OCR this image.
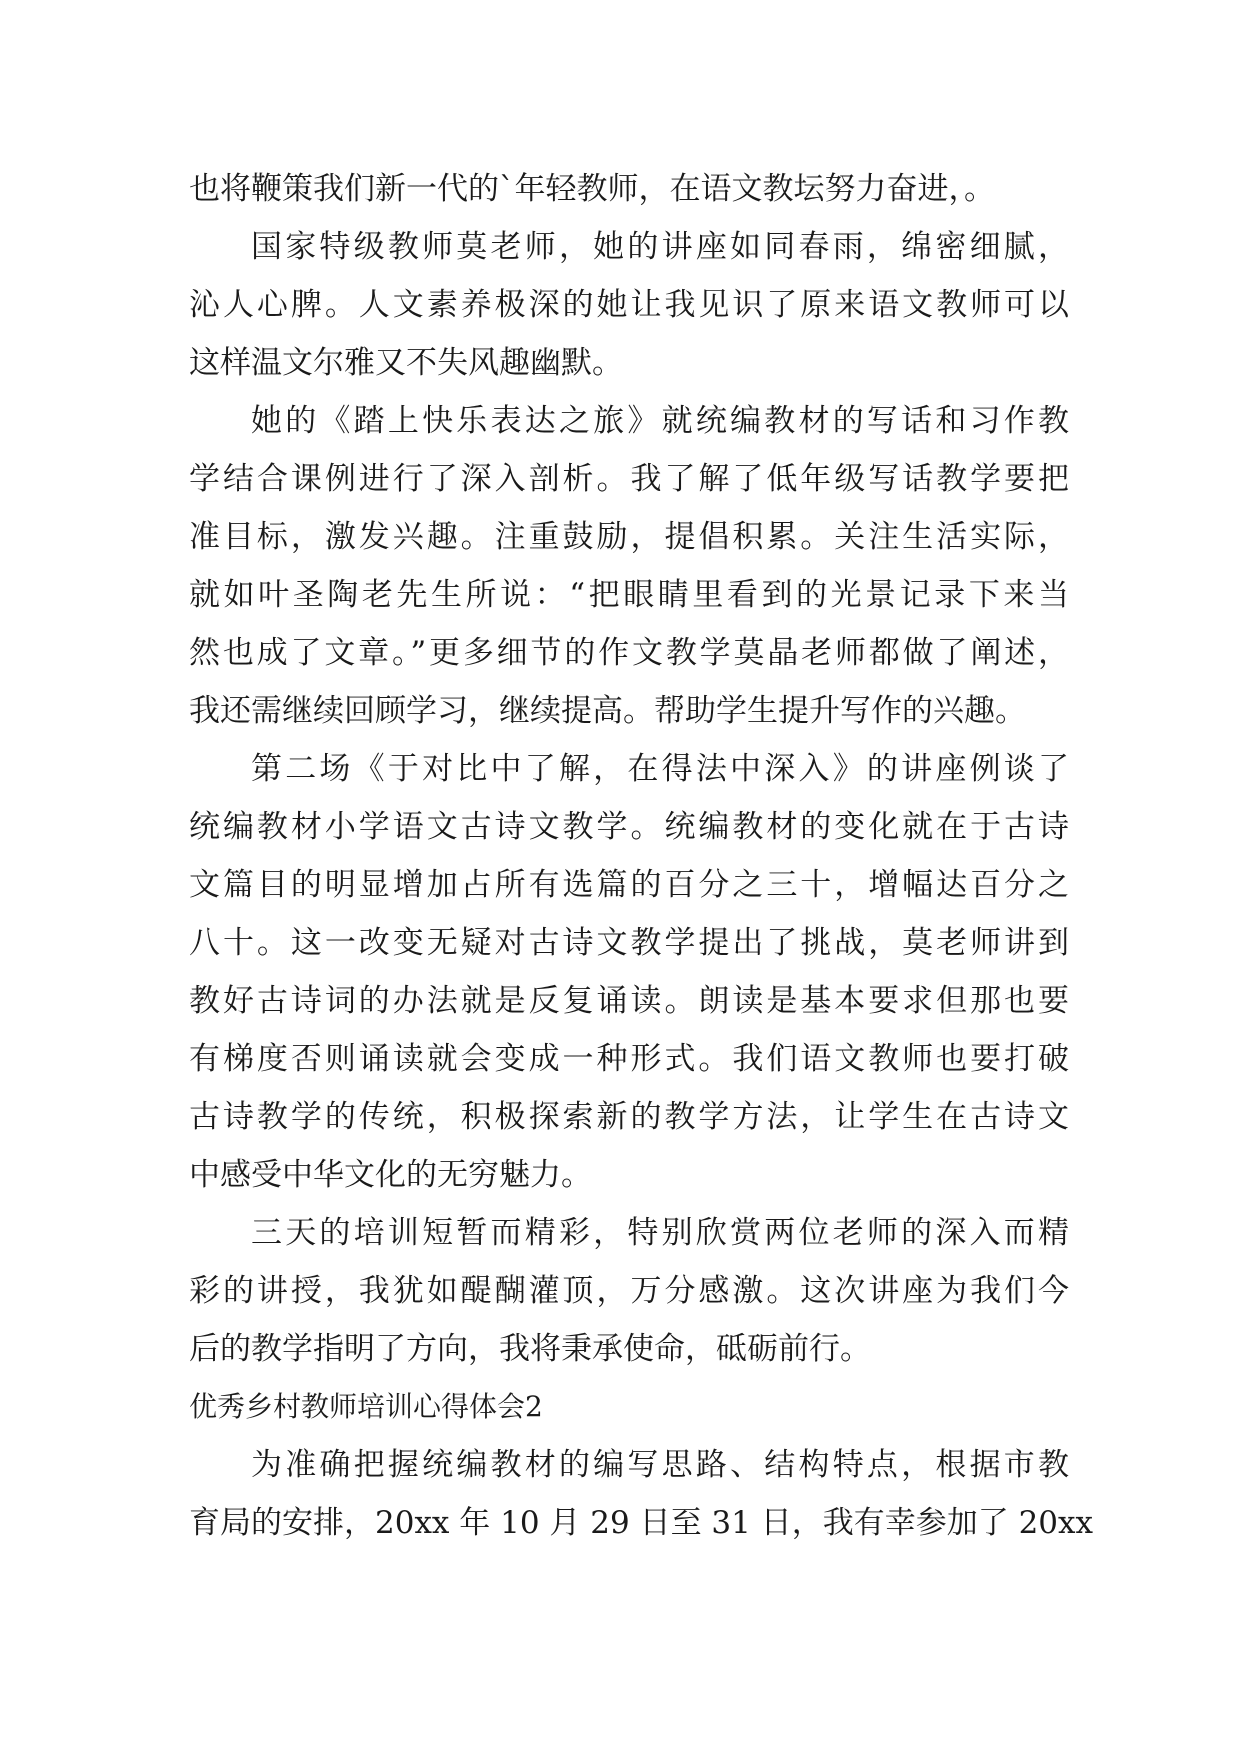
也将鞭策我们新一代的`年轻教师，在语文教坛努力奋进，。
国家特级教师莫老师，她的讲座如同春雨，绵密细腻，
沁人心脾。人文素养极深的她让我见识了原来语文教师可以
这样温文尔雅又不失风趣幽默。
她的《踏上快乐表达之旅》就统编教材的写话和习作教
学结合课例进行了深入剖析。我了解了低年级写话教学要把
准目标，激发兴趣。注重鼓励，提倡积累。关注生活实际，
就如叶圣陶老先生所说：“把眼睛里看到的光景记录下来当
然也成了文章。”更多细节的作文教学莫晶老师都做了阐述，
我还需继续回顾学习，继续提高。帮助学生提升写作的兴趣。
第二场《于对比中了解，在得法中深入》的讲座例谈了
统编教材小学语文古诗文教学。统编教材的变化就在于古诗
文篇目的明显增加占所有选篇的百分之三十，增幅达百分之
八十。这一改变无疑对古诗文教学提出了挑战，莫老师讲到
教好古诗词的办法就是反复诵读。朗读是基本要求但那也要
有梯度否则诵读就会变成一种形式。我们语文教师也要打破
古诗教学的传统，积极探索新的教学方法，让学生在古诗文
中感受中华文化的无穷魅力。
三天的培训短暂而精彩，特别欣赏两位老师的深入而精
彩的讲授，我犹如醍醐灌顶，万分感激。这次讲座为我们今
后的教学指明了方向，我将秉承使命，砥砺前行。
优秀乡村教师培训心得体会2
为准确把握统编教材的编写思路、结构特点，根据市教
育局的安排，20xx 年 10 月 29 日至 31 日，我有幸参加了 20xx
